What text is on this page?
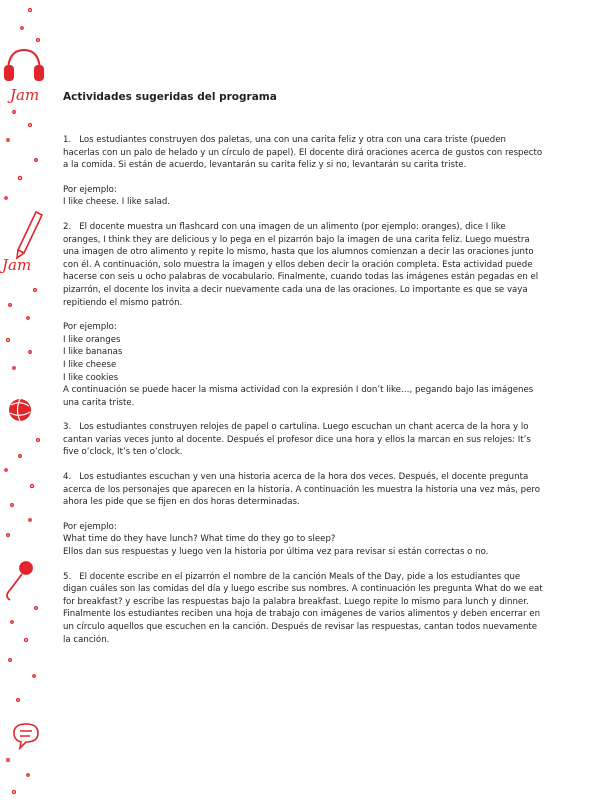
Jam
Jam
Actividades sugeridas del programa

1. Los estudiantes construyen dos paletas, una con una carita feliz y otra con una cara triste (pueden hacerlas con un palo de helado y un círculo de papel). El docente dirá oraciones acerca de gustos con respecto a la comida. Si están de acuerdo, levantarán su carita feliz y si no, levantarán su carita triste.

Por ejemplo:
I like cheese. I like salad.

2. El docente muestra un flashcard con una imagen de un alimento (por ejemplo: oranges), dice I like oranges, I think they are delicious y lo pega en el pizarrón bajo la imagen de una carita feliz. Luego muestra una imagen de otro alimento y repite lo mismo, hasta que los alumnos comienzan a decir las oraciones junto con él. A continuación, solo muestra la imagen y ellos deben decir la oración completa. Esta actividad puede hacerse con seis u ocho palabras de vocabulario. Finalmente, cuando todas las imágenes están pegadas en el pizarrón, el docente los invita a decir nuevamente cada una de las oraciones. Lo importante es que se vaya repitiendo el mismo patrón.

Por ejemplo:
I like oranges
I like bananas
I like cheese
I like cookies
A continuación se puede hacer la misma actividad con la expresión I don’t like…, pegando bajo las imágenes una carita triste.

3. Los estudiantes construyen relojes de papel o cartulina. Luego escuchan un chant acerca de la hora y lo cantan varias veces junto al docente. Después el profesor dice una hora y ellos la marcan en sus relojes: It’s five o’clock, It’s ten o’clock.

4. Los estudiantes escuchan y ven una historia acerca de la hora dos veces. Después, el docente pregunta acerca de los personajes que aparecen en la historia. A continuación les muestra la historia una vez más, pero ahora les pide que se fijen en dos horas determinadas.

Por ejemplo:
What time do they have lunch? What time do they go to sleep?
Ellos dan sus respuestas y luego ven la historia por última vez para revisar si están correctas o no.

5. El docente escribe en el pizarrón el nombre de la canción Meals of the Day, pide a los estudiantes que digan cuáles son las comidas del día y luego escribe sus nombres. A continuación les pregunta What do we eat for breakfast? y escribe las respuestas bajo la palabra breakfast. Luego repite lo mismo para lunch y dinner. Finalmente los estudiantes reciben una hoja de trabajo con imágenes de varios alimentos y deben encerrar en un círculo aquellos que escuchen en la canción. Después de revisar las respuestas, cantan todos nuevamente la canción.
